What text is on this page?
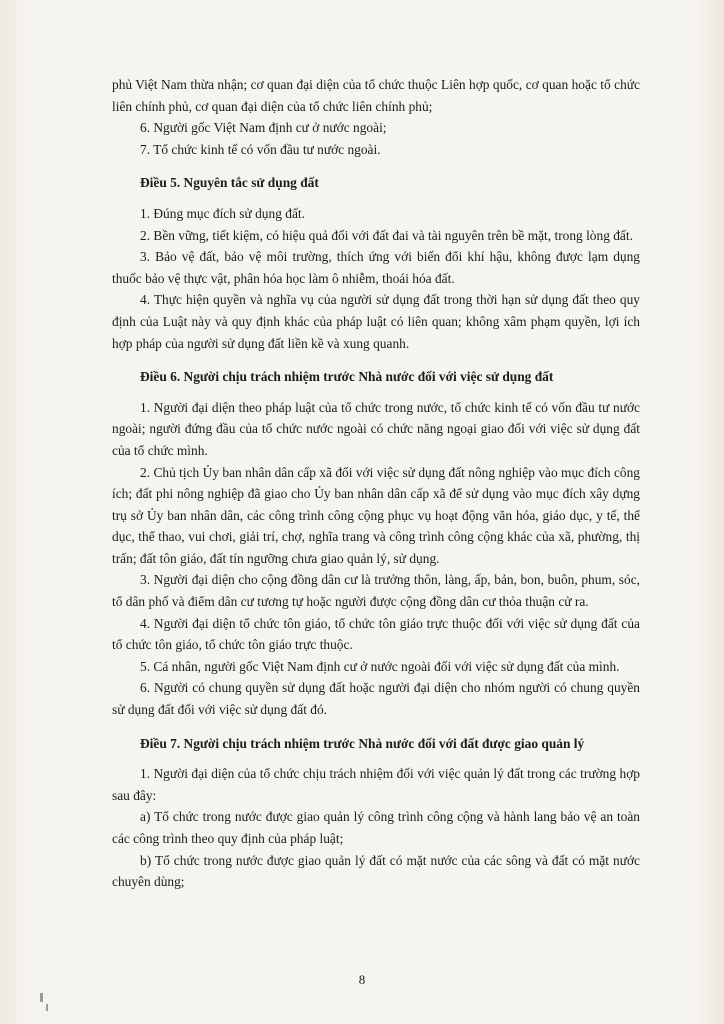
phủ Việt Nam thừa nhận; cơ quan đại diện của tổ chức thuộc Liên hợp quốc, cơ quan hoặc tổ chức liên chính phủ, cơ quan đại diện của tổ chức liên chính phủ;

6. Người gốc Việt Nam định cư ở nước ngoài;

7. Tổ chức kinh tế có vốn đầu tư nước ngoài.

Điều 5. Nguyên tắc sử dụng đất

1. Đúng mục đích sử dụng đất.

2. Bền vững, tiết kiệm, có hiệu quả đối với đất đai và tài nguyên trên bề mặt, trong lòng đất.

3. Bảo vệ đất, bảo vệ môi trường, thích ứng với biến đổi khí hậu, không được lạm dụng thuốc bảo vệ thực vật, phân hóa học làm ô nhiễm, thoái hóa đất.

4. Thực hiện quyền và nghĩa vụ của người sử dụng đất trong thời hạn sử dụng đất theo quy định của Luật này và quy định khác của pháp luật có liên quan; không xâm phạm quyền, lợi ích hợp pháp của người sử dụng đất liền kề và xung quanh.

Điều 6. Người chịu trách nhiệm trước Nhà nước đối với việc sử dụng đất

1. Người đại diện theo pháp luật của tổ chức trong nước, tổ chức kinh tế có vốn đầu tư nước ngoài; người đứng đầu của tổ chức nước ngoài có chức năng ngoại giao đối với việc sử dụng đất của tổ chức mình.

2. Chủ tịch Ủy ban nhân dân cấp xã đối với việc sử dụng đất nông nghiệp vào mục đích công ích; đất phi nông nghiệp đã giao cho Ủy ban nhân dân cấp xã để sử dụng vào mục đích xây dựng trụ sở Ủy ban nhân dân, các công trình công cộng phục vụ hoạt động văn hóa, giáo dục, y tế, thể dục, thể thao, vui chơi, giải trí, chợ, nghĩa trang và công trình công cộng khác của xã, phường, thị trấn; đất tôn giáo, đất tín ngưỡng chưa giao quản lý, sử dụng.

3. Người đại diện cho cộng đồng dân cư là trưởng thôn, làng, ấp, bản, bon, buôn, phum, sóc, tổ dân phố và điểm dân cư tương tự hoặc người được cộng đồng dân cư thỏa thuận cử ra.

4. Người đại diện tổ chức tôn giáo, tổ chức tôn giáo trực thuộc đối với việc sử dụng đất của tổ chức tôn giáo, tổ chức tôn giáo trực thuộc.

5. Cá nhân, người gốc Việt Nam định cư ở nước ngoài đối với việc sử dụng đất của mình.

6. Người có chung quyền sử dụng đất hoặc người đại diện cho nhóm người có chung quyền sử dụng đất đối với việc sử dụng đất đó.

Điều 7. Người chịu trách nhiệm trước Nhà nước đối với đất được giao quản lý

1. Người đại diện của tổ chức chịu trách nhiệm đối với việc quản lý đất trong các trường hợp sau đây:

a) Tổ chức trong nước được giao quản lý công trình công cộng và hành lang bảo vệ an toàn các công trình theo quy định của pháp luật;

b) Tổ chức trong nước được giao quản lý đất có mặt nước của các sông và đất có mặt nước chuyên dùng;

8
